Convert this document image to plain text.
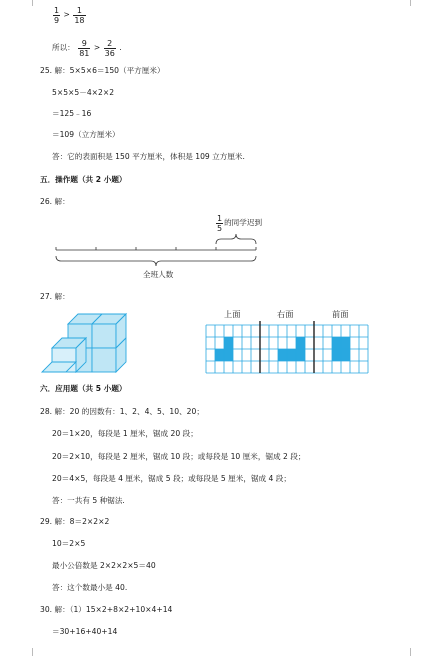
$\frac{1}{9} > \frac{1}{18}$
所以： $\frac{9}{81} > \frac{2}{36}$ .
25. 解：5×5×6＝150（平方厘米）
5×5×5－4×2×2
＝125﹣16
＝109（立方厘米）
答：它的表面积是 150 平方厘米，体积是 109 立方厘米.
五．操作题（共 2 小题）
26. 解：
$\frac{1}{5}$ 的同学迟到
全班人数
27. 解：
上面	右面	前面
六．应用题（共 5 小题）
28. 解：20 的因数有：1、2、4、5、10、20；
20＝1×20，每段是 1 厘米，锯成 20 段；
20＝2×10，每段是 2 厘米，锯成 10 段；或每段是 10 厘米，锯成 2 段；
20＝4×5，每段是 4 厘米，锯成 5 段；或每段是 5 厘米，锯成 4 段；
答：一共有 5 种锯法.
29. 解：8＝2×2×2
10＝2×5
最小公倍数是 2×2×2×5＝40
答：这个数最小是 40.
30. 解：（1）15×2+8×2+10×4+14
＝30+16+40+14
